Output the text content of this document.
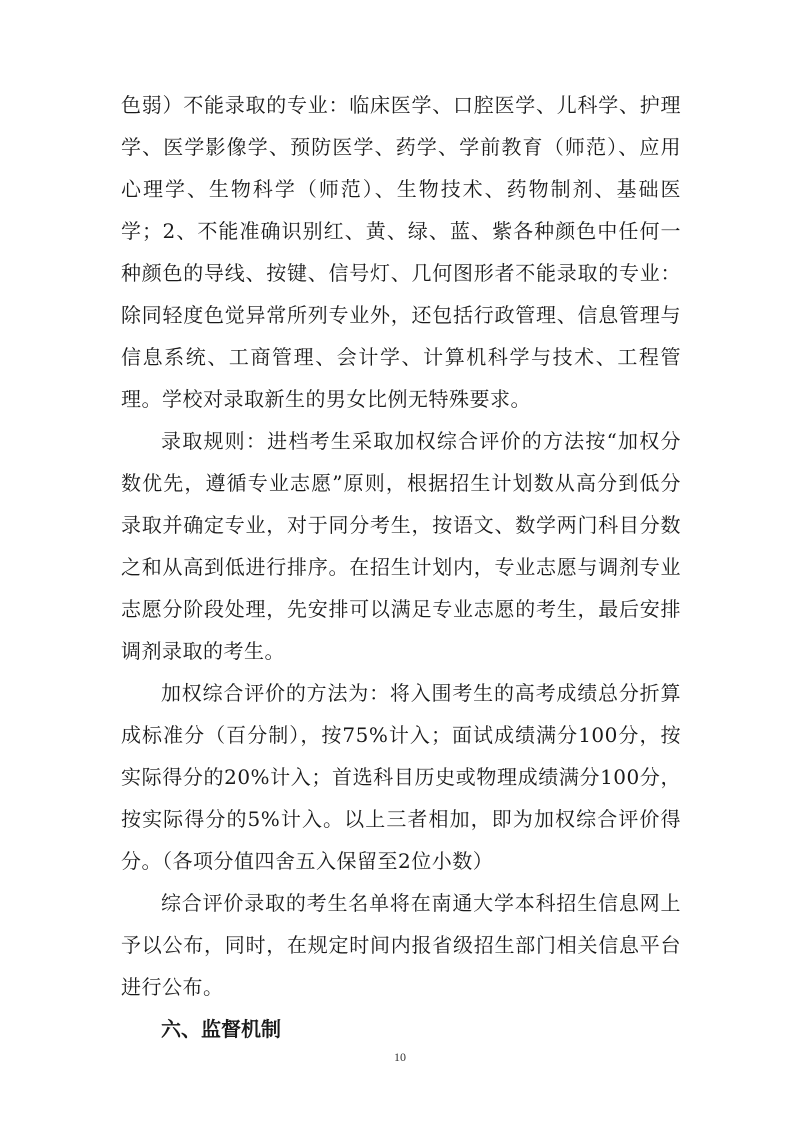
色弱）不能录取的专业：临床医学、口腔医学、儿科学、护理学、医学影像学、预防医学、药学、学前教育（师范）、应用心理学、生物科学（师范）、生物技术、药物制剂、基础医学；2、不能准确识别红、黄、绿、蓝、紫各种颜色中任何一种颜色的导线、按键、信号灯、几何图形者不能录取的专业：除同轻度色觉异常所列专业外，还包括行政管理、信息管理与信息系统、工商管理、会计学、计算机科学与技术、工程管理。学校对录取新生的男女比例无特殊要求。

录取规则：进档考生采取加权综合评价的方法按“加权分数优先，遵循专业志愿”原则，根据招生计划数从高分到低分录取并确定专业，对于同分考生，按语文、数学两门科目分数之和从高到低进行排序。在招生计划内，专业志愿与调剂专业志愿分阶段处理，先安排可以满足专业志愿的考生，最后安排调剂录取的考生。

加权综合评价的方法为：将入围考生的高考成绩总分折算成标准分（百分制），按75%计入；面试成绩满分100分，按实际得分的20%计入；首选科目历史或物理成绩满分100分，按实际得分的5%计入。以上三者相加，即为加权综合评价得分。（各项分值四舍五入保留至2位小数）

综合评价录取的考生名单将在南通大学本科招生信息网上予以公布，同时，在规定时间内报省级招生部门相关信息平台进行公布。

六、监督机制

10
